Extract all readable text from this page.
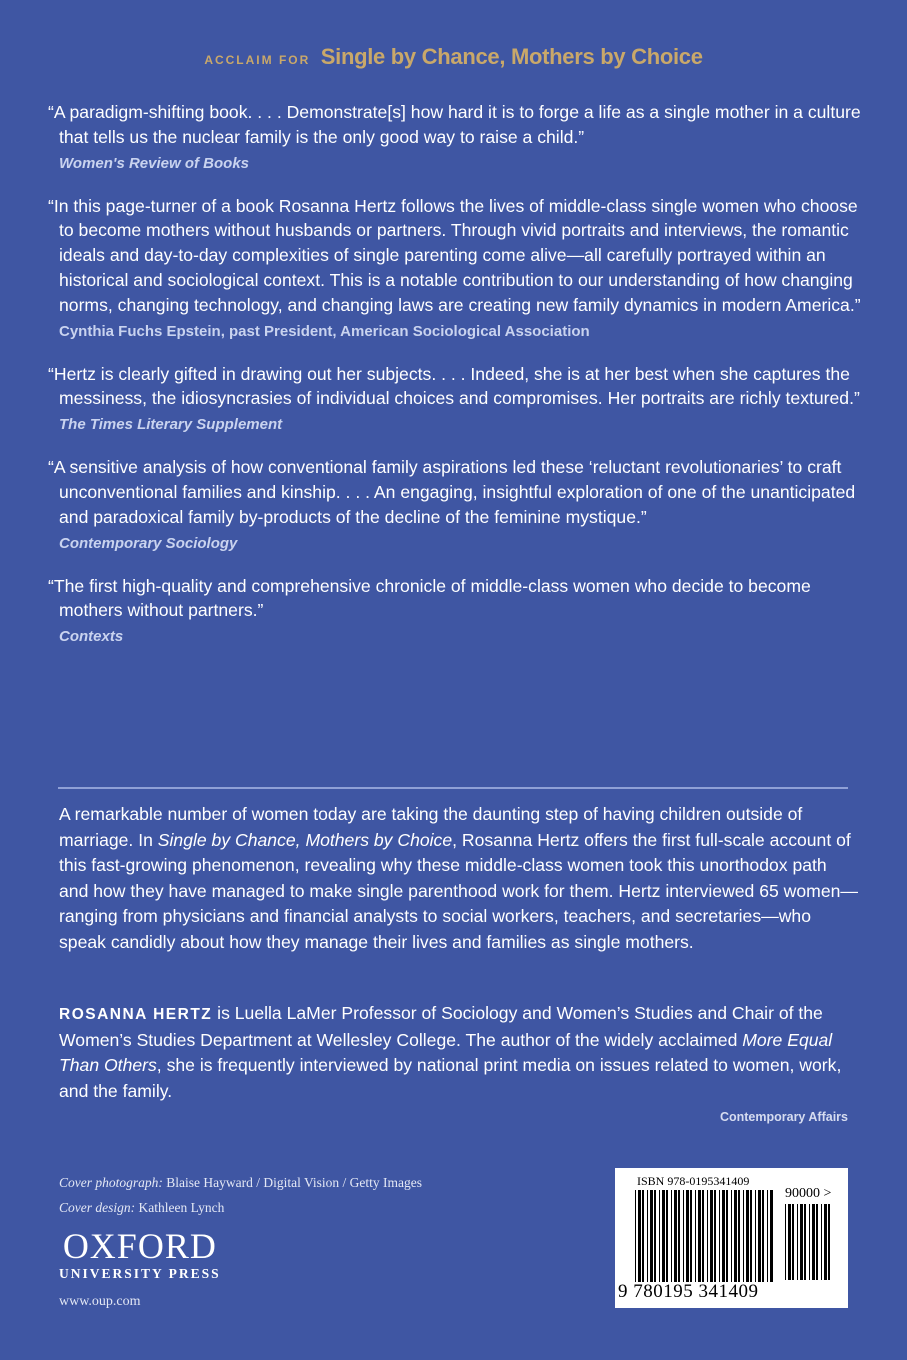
ACCLAIM FOR Single by Chance, Mothers by Choice

“A paradigm-shifting book. . . . Demonstrate[s] how hard it is to forge a life as a single mother in a culture that tells us the nuclear family is the only good way to raise a child.”

Women's Review of Books

“In this page-turner of a book Rosanna Hertz follows the lives of middle-class single women who choose to become mothers without husbands or partners. Through vivid portraits and interviews, the romantic ideals and day-to-day complexities of single parenting come alive—all carefully portrayed within an historical and sociological context. This is a notable contribution to our understanding of how changing norms, changing technology, and changing laws are creating new family dynamics in modern America.”

Cynthia Fuchs Epstein, past President, American Sociological Association

“Hertz is clearly gifted in drawing out her subjects. . . . Indeed, she is at her best when she captures the messiness, the idiosyncrasies of individual choices and compromises. Her portraits are richly textured.”

The Times Literary Supplement

“A sensitive analysis of how conventional family aspirations led these ‘reluctant revolutionaries’ to craft unconventional families and kinship. . . . An engaging, insightful exploration of one of the unanticipated and paradoxical family by-products of the decline of the feminine mystique.”

Contemporary Sociology

“The first high-quality and comprehensive chronicle of middle-class women who decide to become mothers without partners.”

Contexts

A remarkable number of women today are taking the daunting step of having children outside of marriage. In Single by Chance, Mothers by Choice, Rosanna Hertz offers the first full-scale account of this fast-growing phenomenon, revealing why these middle-class women took this unorthodox path and how they have managed to make single parenthood work for them. Hertz interviewed 65 women—ranging from physicians and financial analysts to social workers, teachers, and secretaries—who speak candidly about how they manage their lives and families as single mothers.

ROSANNA HERTZ is Luella LaMer Professor of Sociology and Women’s Studies and Chair of the Women’s Studies Department at Wellesley College. The author of the widely acclaimed More Equal Than Others, she is frequently interviewed by national print media on issues related to women, work, and the family.

Contemporary Affairs
Cover photograph: Blaise Hayward / Digital Vision / Getty Images
Cover design: Kathleen Lynch
OXFORD
UNIVERSITY PRESS
www.oup.com
ISBN 978-0195341409
90000 >
9 780195 341409
